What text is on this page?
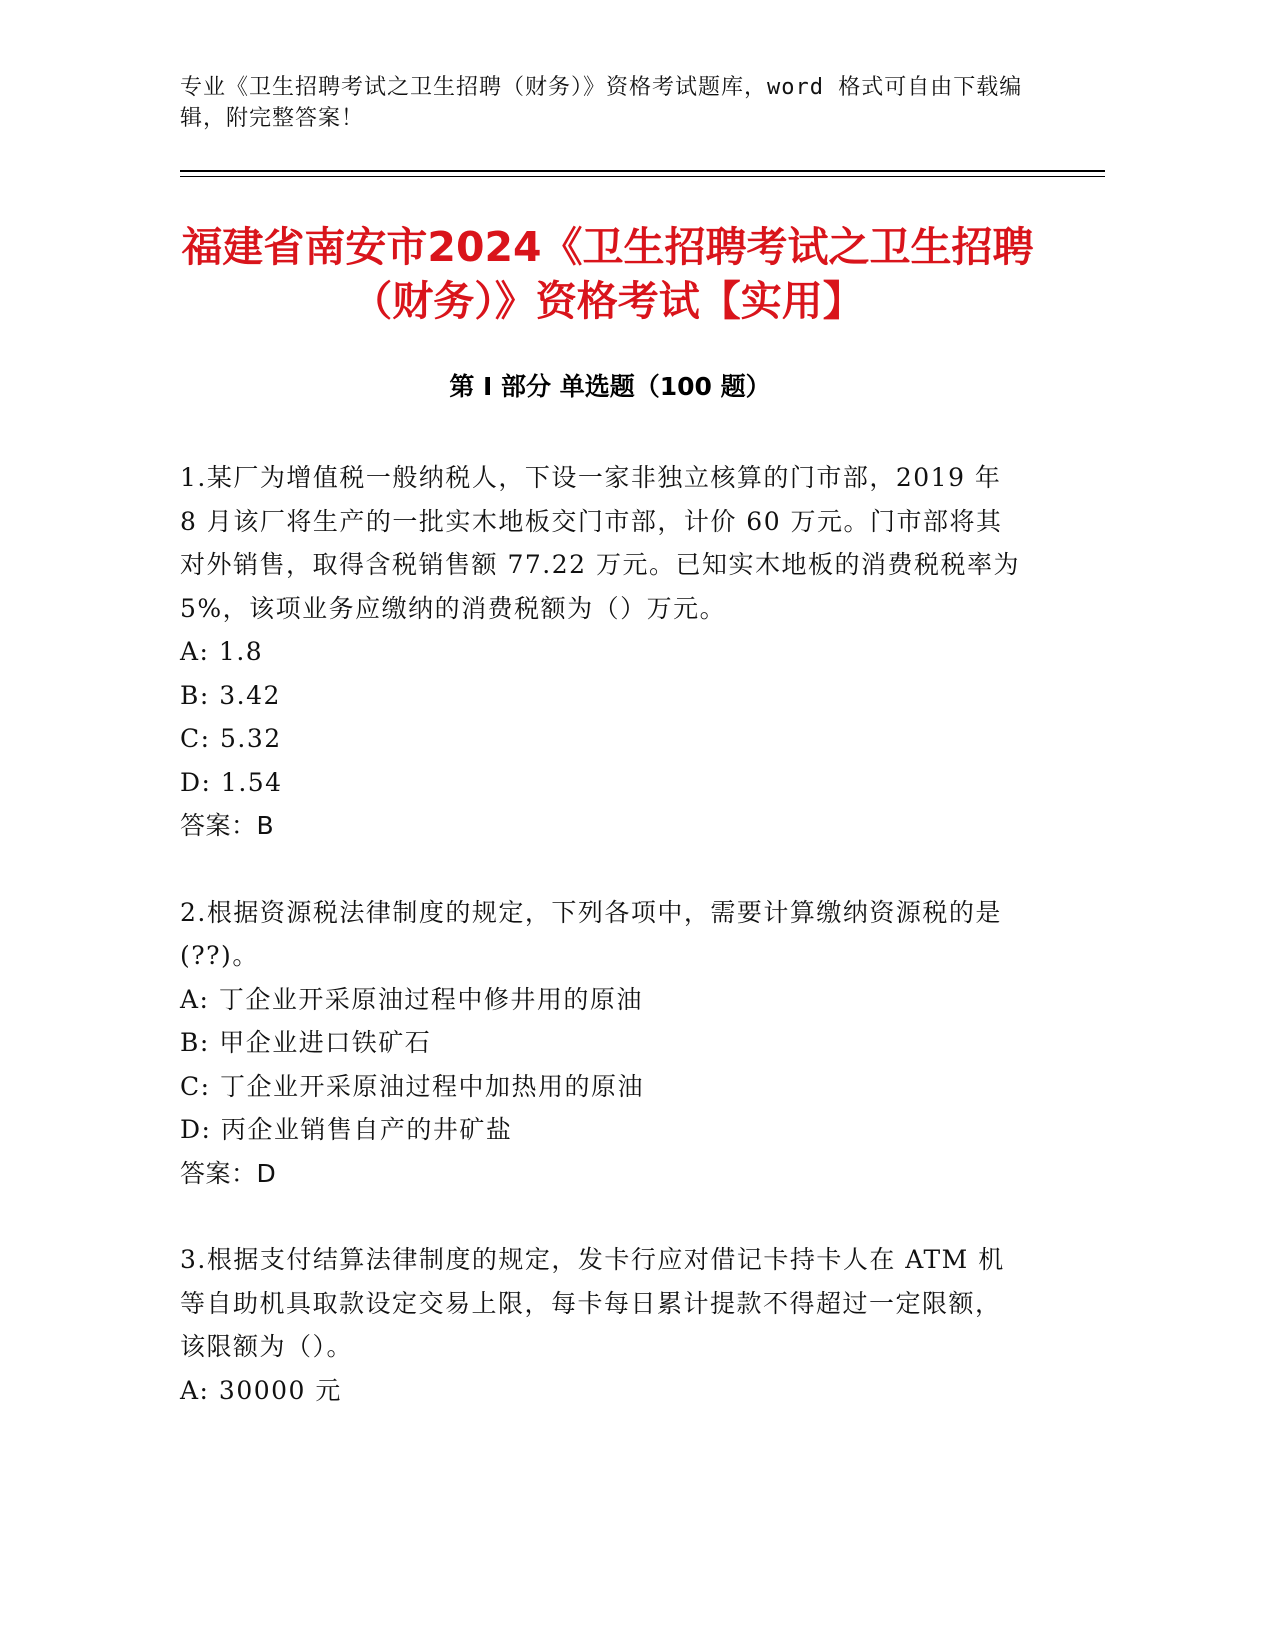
专业《卫生招聘考试之卫生招聘（财务）》资格考试题库，word 格式可自由下载编辑，附完整答案！
福建省南安市2024《卫生招聘考试之卫生招聘（财务）》资格考试【实用】
第 I 部分 单选题（100 题）

1.某厂为增值税一般纳税人，下设一家非独立核算的门市部，2019 年 8 月该厂将生产的一批实木地板交门市部，计价 60 万元。门市部将其对外销售，取得含税销售额 77.22 万元。已知实木地板的消费税税率为 5%，该项业务应缴纳的消费税额为（）万元。

A: 1.8
B: 3.42
C: 5.32
D: 1.54

答案：B

2.根据资源税法律制度的规定，下列各项中，需要计算缴纳资源税的是(??)。

A: 丁企业开采原油过程中修井用的原油
B: 甲企业进口铁矿石
C: 丁企业开采原油过程中加热用的原油
D: 丙企业销售自产的井矿盐

答案：D

3.根据支付结算法律制度的规定，发卡行应对借记卡持卡人在 ATM 机等自助机具取款设定交易上限，每卡每日累计提款不得超过一定限额，该限额为（）。

A: 30000 元
